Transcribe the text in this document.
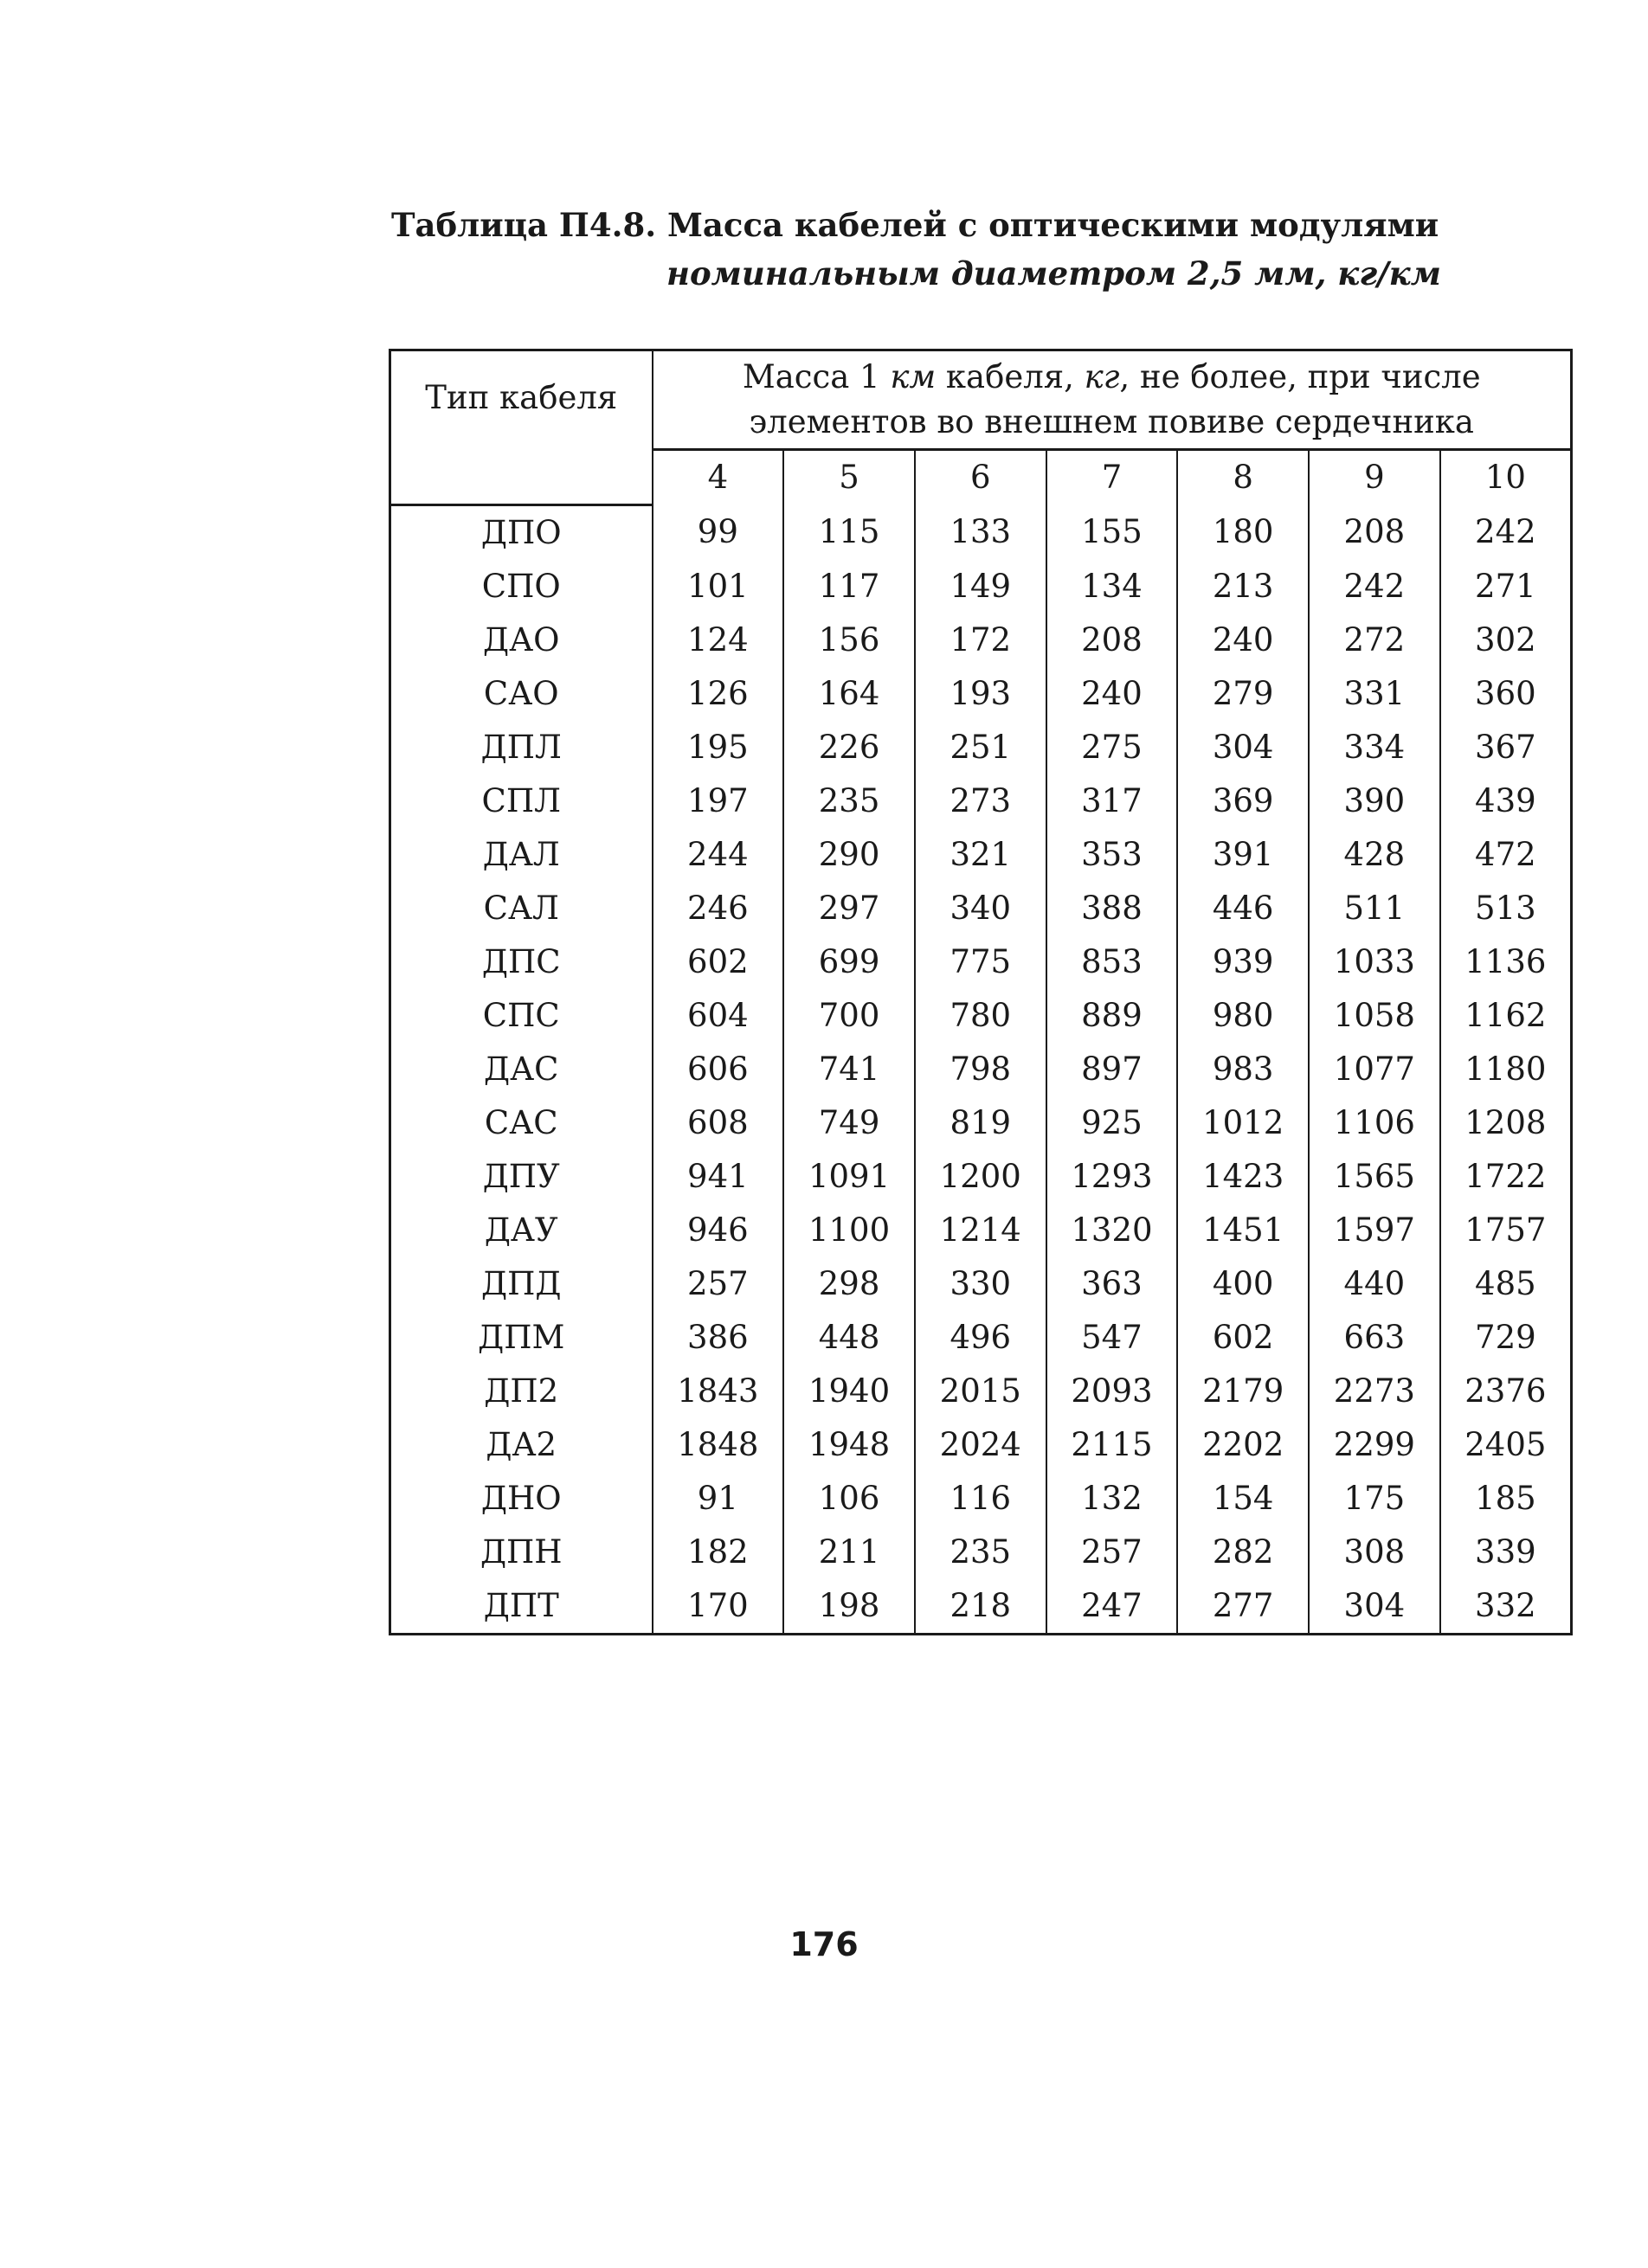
Таблица П4.8. Масса кабелей с оптическими модулями
номинальным диаметром 2,5 мм, кг/км
Тип кабеля	Масса 1 км кабеля, кг, не более, при числе элементов во внешнем повиве сердечника						
	4	5	6	7	8	9	10
ДПО	99	115	133	155	180	208	242
СПО	101	117	149	134	213	242	271
ДАО	124	156	172	208	240	272	302
САО	126	164	193	240	279	331	360
ДПЛ	195	226	251	275	304	334	367
СПЛ	197	235	273	317	369	390	439
ДАЛ	244	290	321	353	391	428	472
САЛ	246	297	340	388	446	511	513
ДПС	602	699	775	853	939	1033	1136
СПС	604	700	780	889	980	1058	1162
ДАС	606	741	798	897	983	1077	1180
САС	608	749	819	925	1012	1106	1208
ДПУ	941	1091	1200	1293	1423	1565	1722
ДАУ	946	1100	1214	1320	1451	1597	1757
ДПД	257	298	330	363	400	440	485
ДПМ	386	448	496	547	602	663	729
ДП2	1843	1940	2015	2093	2179	2273	2376
ДА2	1848	1948	2024	2115	2202	2299	2405
ДНО	91	106	116	132	154	175	185
ДПН	182	211	235	257	282	308	339
ДПТ	170	198	218	247	277	304	332
176
